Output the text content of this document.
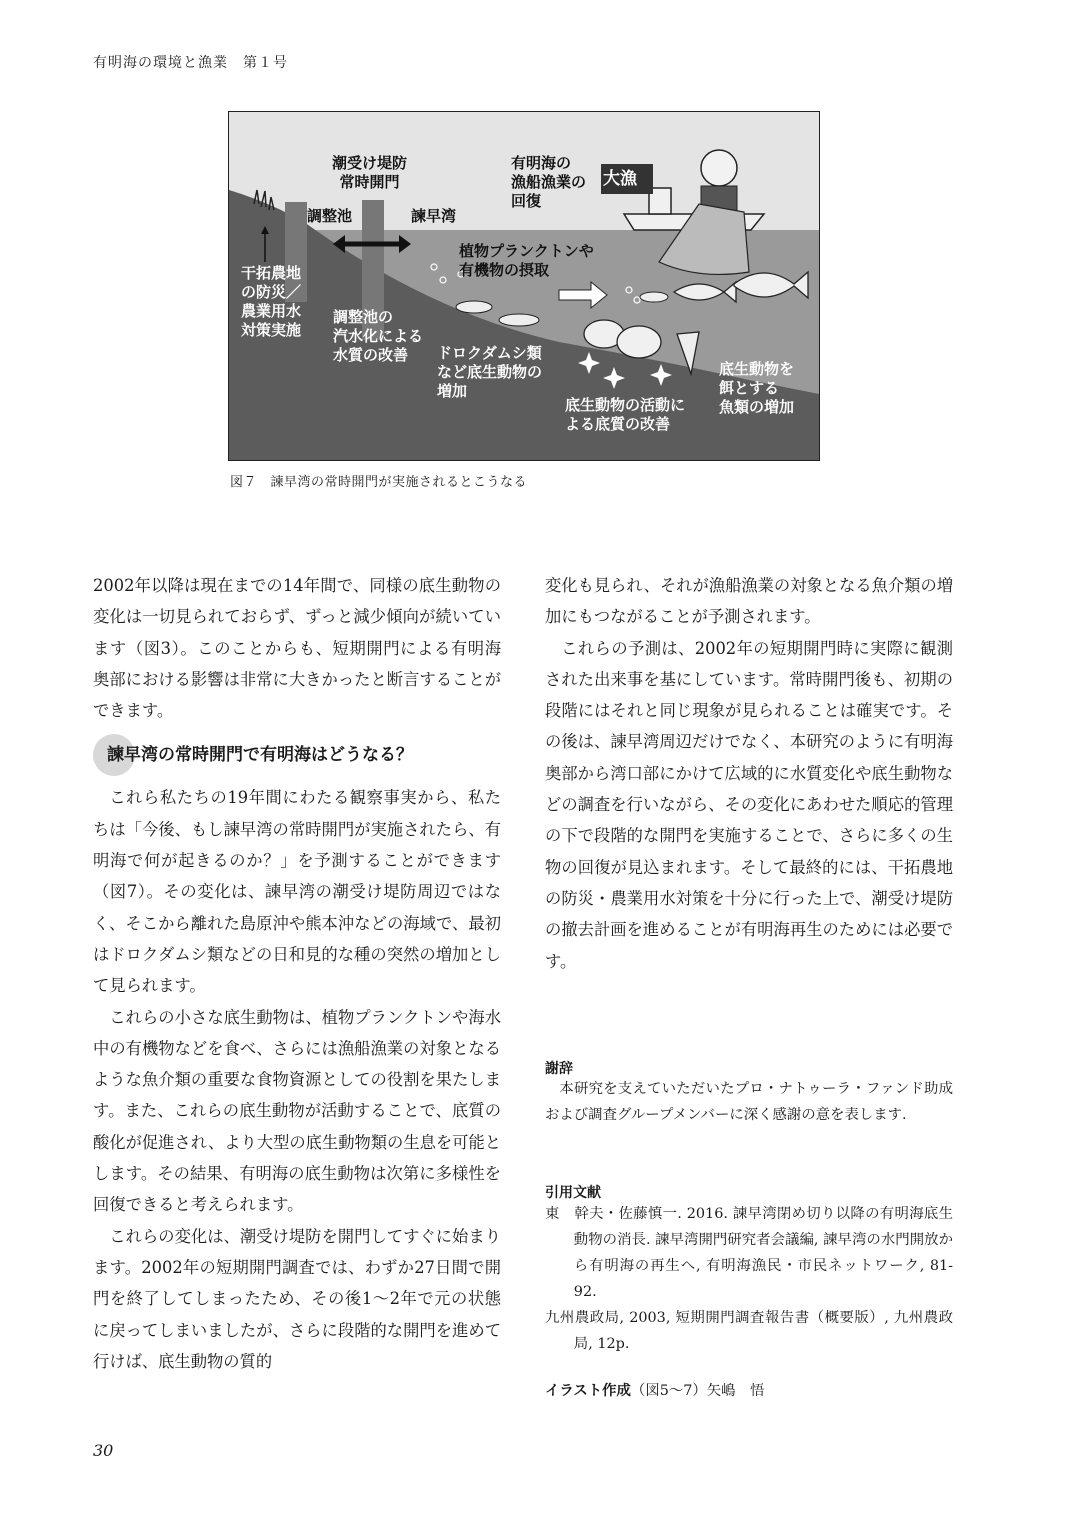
有明海の環境と漁業　第１号
潮受け堤防
常時開門
調整池	諫早湾
有明海の
漁船漁業の
回復
大漁
干拓農地
の防災／
農業用水
対策実施
調整池の
汽水化による
水質の改善
植物プランクトンや
有機物の摂取
ドロクダムシ類
など底生動物の
増加
底生動物の活動に
よる底質の改善
底生動物を
餌とする
魚類の増加
図７　諫早湾の常時開門が実施されるとこうなる

2002年以降は現在までの14年間で、同様の底生動物の変化は一切見られておらず、ずっと減少傾向が続いています（図3）。このことからも、短期開門による有明海奥部における影響は非常に大きかったと断言することができます。

諫早湾の常時開門で有明海はどうなる？

これら私たちの19年間にわたる観察事実から、私たちは「今後、もし諫早湾の常時開門が実施されたら、有明海で何が起きるのか？」を予測することができます（図7）。その変化は、諫早湾の潮受け堤防周辺ではなく、そこから離れた島原沖や熊本沖などの海域で、最初はドロクダムシ類などの日和見的な種の突然の増加として見られます。

これらの小さな底生動物は、植物プランクトンや海水中の有機物などを食べ、さらには漁船漁業の対象となるような魚介類の重要な食物資源としての役割を果たします。また、これらの底生動物が活動することで、底質の酸化が促進され、より大型の底生動物類の生息を可能とします。その結果、有明海の底生動物は次第に多様性を回復できると考えられます。

これらの変化は、潮受け堤防を開門してすぐに始まります。2002年の短期開門調査では、わずか27日間で開門を終了してしまったため、その後1～2年で元の状態に戻ってしまいましたが、さらに段階的な開門を進めて行けば、底生動物の質的

変化も見られ、それが漁船漁業の対象となる魚介類の増加にもつながることが予測されます。

これらの予測は、2002年の短期開門時に実際に観測された出来事を基にしています。常時開門後も、初期の段階にはそれと同じ現象が見られることは確実です。その後は、諫早湾周辺だけでなく、本研究のように有明海奥部から湾口部にかけて広域的に水質変化や底生動物などの調査を行いながら、その変化にあわせた順応的管理の下で段階的な開門を実施することで、さらに多くの生物の回復が見込まれます。そして最終的には、干拓農地の防災・農業用水対策を十分に行った上で、潮受け堤防の撤去計画を進めることが有明海再生のためには必要です。

謝辞
本研究を支えていただいたプロ・ナトゥーラ・ファンド助成および調査グループメンバーに深く感謝の意を表します.
引用文献

東　幹夫・佐藤慎一. 2016. 諫早湾閉め切り以降の有明海底生動物の消長. 諫早湾開門研究者会議編, 諫早湾の水門開放から有明海の再生へ, 有明海漁民・市民ネットワーク, 81-92.

九州農政局, 2003, 短期開門調査報告書（概要版）, 九州農政局, 12p.

イラスト作成（図5～7）矢嶋　悟
30
